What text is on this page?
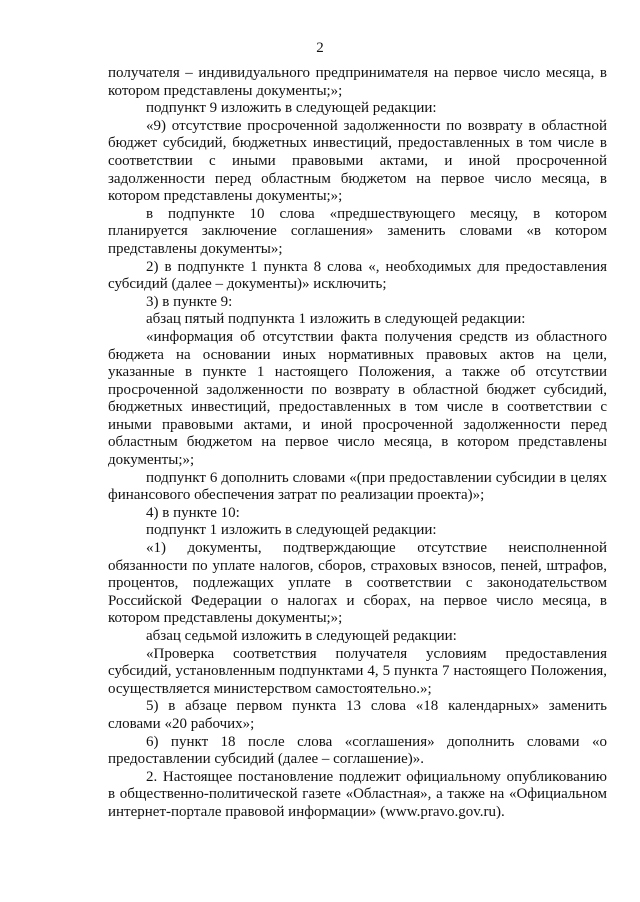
2

получателя – индивидуального предпринимателя на первое число месяца, в котором представлены документы;»;

подпункт 9 изложить в следующей редакции:

«9) отсутствие просроченной задолженности по возврату в областной бюджет субсидий, бюджетных инвестиций, предоставленных в том числе в соответствии с иными правовыми актами, и иной просроченной задолженности перед областным бюджетом на первое число месяца, в котором представлены документы;»;

в подпункте 10 слова «предшествующего месяцу, в котором планируется заключение соглашения» заменить словами «в котором представлены документы»;

2) в подпункте 1 пункта 8 слова «, необходимых для предоставления субсидий (далее – документы)» исключить;

3) в пункте 9:

абзац пятый подпункта 1 изложить в следующей редакции:

«информация об отсутствии факта получения средств из областного бюджета на основании иных нормативных правовых актов на цели, указанные в пункте 1 настоящего Положения, а также об отсутствии просроченной задолженности по возврату в областной бюджет субсидий, бюджетных инвестиций, предоставленных в том числе в соответствии с иными правовыми актами, и иной просроченной задолженности перед областным бюджетом на первое число месяца, в котором представлены документы;»;

подпункт 6 дополнить словами «(при предоставлении субсидии в целях финансового обеспечения затрат по реализации проекта)»;

4) в пункте 10:

подпункт 1 изложить в следующей редакции:

«1) документы, подтверждающие отсутствие неисполненной обязанности по уплате налогов, сборов, страховых взносов, пеней, штрафов, процентов, подлежащих уплате в соответствии с законодательством Российской Федерации о налогах и сборах, на первое число месяца, в котором представлены документы;»;

абзац седьмой изложить в следующей редакции:

«Проверка соответствия получателя условиям предоставления субсидий, установленным подпунктами 4, 5 пункта 7 настоящего Положения, осуществляется министерством самостоятельно.»;

5) в абзаце первом пункта 13 слова «18 календарных» заменить словами «20 рабочих»;

6) пункт 18 после слова «соглашения» дополнить словами «о предоставлении субсидий (далее – соглашение)».

2. Настоящее постановление подлежит официальному опубликованию в общественно-политической газете «Областная», а также на «Официальном интернет-портале правовой информации» (www.pravo.gov.ru).
